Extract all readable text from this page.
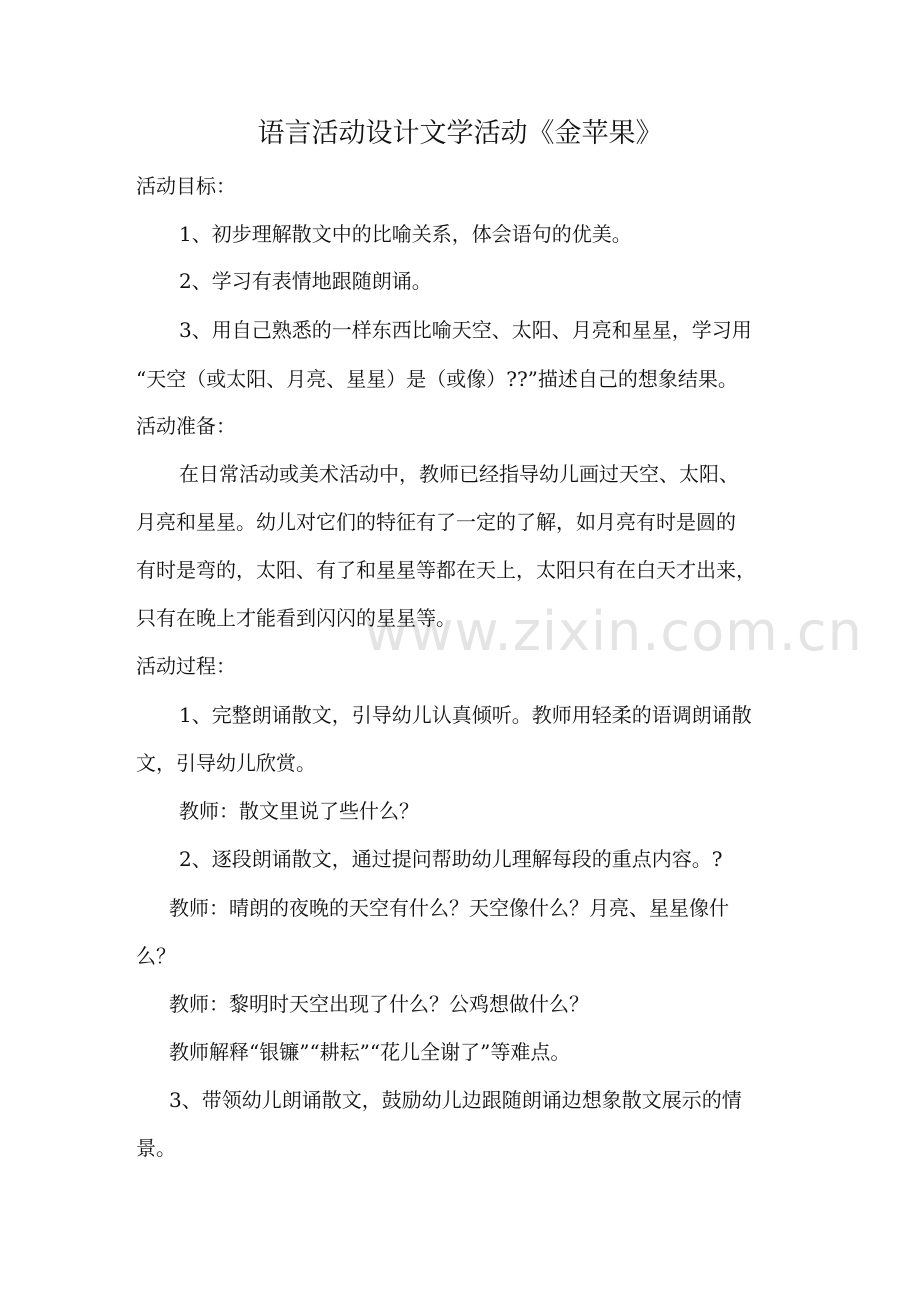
www.zixin.com.cn
语言活动设计文学活动《金苹果》
活动目标：
1、初步理解散文中的比喻关系，体会语句的优美。
2、学习有表情地跟随朗诵。
3、用自己熟悉的一样东西比喻天空、太阳、月亮和星星，学习用
“天空（或太阳、月亮、星星）是（或像）??”描述自己的想象结果。
活动准备：
在日常活动或美术活动中，教师已经指导幼儿画过天空、太阳、
月亮和星星。幼儿对它们的特征有了一定的了解，如月亮有时是圆的
有时是弯的，太阳、有了和星星等都在天上，太阳只有在白天才出来，
只有在晚上才能看到闪闪的星星等。
活动过程：
1、完整朗诵散文，引导幼儿认真倾听。教师用轻柔的语调朗诵散
文，引导幼儿欣赏。
教师：散文里说了些什么？
2、逐段朗诵散文，通过提问帮助幼儿理解每段的重点内容。?
教师：晴朗的夜晚的天空有什么？天空像什么？月亮、星星像什
么？
教师：黎明时天空出现了什么？公鸡想做什么？
教师解释“银镰”“耕耘”“花儿全谢了”等难点。
3、带领幼儿朗诵散文，鼓励幼儿边跟随朗诵边想象散文展示的情
景。
